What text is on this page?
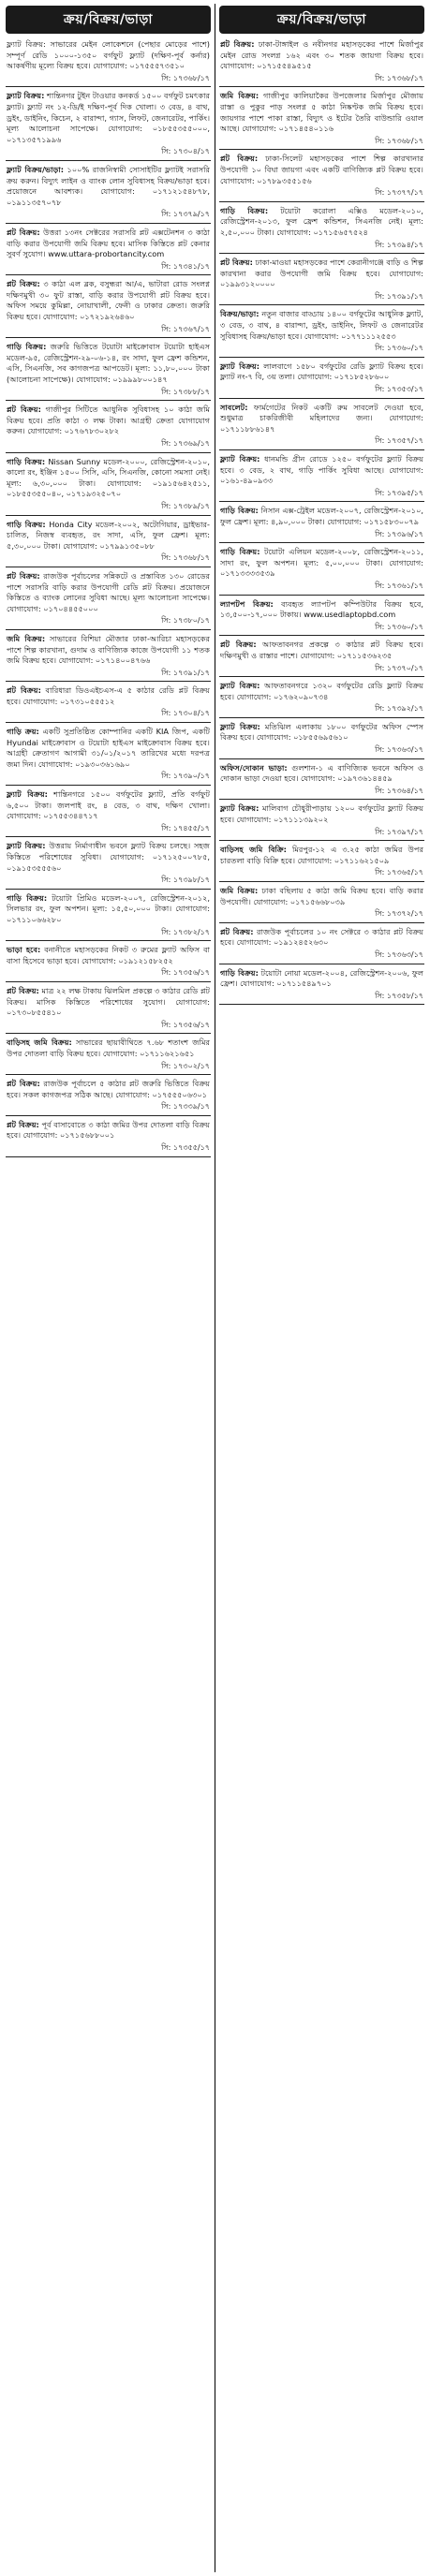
ক্রয়/বিক্রয়/ভাড়া
ফ্ল্যাট বিক্রয়: সাভারের মেইন লোকেশনে (পেছার মোড়ের পাশে) সম্পূর্ণ রেডি ১০০০-১৩৫০ বর্গফুট ফ্ল্যাট (দক্ষিণ-পূর্ব কর্নার) আকর্ষণীয় মূল্যে বিক্রয় হবে। যোগাযোগ: ০১৭৫৫৫৭৩৫১০
সি: ১৭৩৬৮/১৭
ফ্ল্যাট বিক্রয়: শান্তিনগর টুইন টাওয়ার কনকর্ড ১৫০০ বর্গফুট চমৎকার ফ্ল্যাট। ফ্ল্যাট নং ১২-ডি/ই দক্ষিণ-পূর্ব দিক খোলা। ৩ বেড, ৪ বাথ, ড্রইং, ডাইনিং, কিচেন, ২ বারান্দা, গ্যাস, লিফট, জেনারেটর, পার্কিং। মূল্য আলোচনা সাপেক্ষে। যোগাযোগ: ০১৮৫৫৩৫৫০০০, ০১৭১৩৫৭১৯৯৬
সি: ১৭৩০৪/১৭
ফ্ল্যাট বিক্রয়/ভাড়া: ১০০% রাজনিস্বামী সোসাইটির ফ্ল্যাটই সরাসরি ক্রয় করুন। বিদ্যুৎ লাইন ও ব্যাংক লোন সুবিধাসহ বিক্রয়/ভাড়া হবে। প্রয়োজনে আবশ্যক। যোগাযোগ: ০১৭১২১৫৪৮৭৮, ০১৯১১৩৫৭০৭৮
সি: ১৭৩৭৯/১৭
প্লট বিক্রয়: উত্তরা ১৩নং সেক্টরের সরাসরি প্লট এক্সটেনশন ৩ কাঠা বাড়ি করার উপযোগী জমি বিক্রয় হবে। মাসিক কিস্তিতে প্লট কেনার সুবর্ণ সুযোগ। www.uttara-probortancity.com
সি: ১৭৩৪১/১৭
প্লট বিক্রয়: ৩ কাঠা এল ব্লক, বসুন্ধরা আ/এ, ভাটারা রোড সংলগ্ন দক্ষিণমুখী ৩০ ফুট রাস্তা, বাড়ি করার উপযোগী প্লট বিক্রয় হবে। অফিস সময়ে কুমিল্লা, নোয়াখালী, ফেনী ও ঢাকার ক্রেতা। জরুরি বিক্রয় হবে। যোগাযোগ: ০১৭২১৯২৬৪৬০
সি: ১৭৩৬৭/১৭
গাড়ি বিক্রয়: জরুরি ভিত্তিতে টয়োটা মাইক্রোবাস টয়োটা হাইএস মডেল-৯৫, রেজিস্ট্রেশন-২৯-০৬-১৪, রং সাদা, ফুল ফ্রেশ কন্ডিশন, এসি, সিএনজি, সব কাগজপত্র আপডেট। মূল্য: ১১,৮০,০০০ টাকা (আলোচনা সাপেক্ষে)। যোগাযোগ: ০১৯৯৯৮০০১৪৭
সি: ১৭৩৮৮/১৭
প্লট বিক্রয়: গাজীপুর সিটিতে আধুনিক সুবিধাসহ ১০ কাঠা জমি বিক্রয় হবে। প্রতি কাঠা ৩ লক্ষ টাকা। আগ্রহী ক্রেতা যোগাযোগ করুন। যোগাযোগ: ০১৭৬৭৮৩০২৮২
সি: ১৭৩৬৯/১৭
গাড়ি বিক্রয়: Nissan Sunny মডেল-২০০০, রেজিস্ট্রেশন-২০১০, কালো রং, ইঞ্জিন ১৫০০ সিসি, এসি, সিএনজি, কোনো সমস্যা নেই। মূল্য: ৬,৩০,০০০ টাকা। যোগাযোগ: ০১৯১৫৬৪২৫১১, ০১৮৫৫৩৫৫০৪০, ০১৭১৯৩২৫০৭০
সি: ১৭৩৮৯/১৭
গাড়ি বিক্রয়: Honda City মডেল-২০০২, অটোগিয়ার, ড্রাইভার-চালিত, নিজস্ব ব্যবহৃত, রং সাদা, এসি, ফুল ফ্রেশ। মূল্য: ৫,৩০,০০০ টাকা। যোগাযোগ: ০১৭৯৯১৩৫০৮৮
সি: ১৭৩৬৮/১৭
প্লট বিক্রয়: রাজউক পূর্বাচলের সন্নিকটে ও প্রস্তাবিত ১৩০ রোডের পাশে সরাসরি বাড়ি করার উপযোগী রেডি প্লট বিক্রয়। প্রয়োজনে কিস্তিতে ও ব্যাংক লোনের সুবিধা আছে। মূল্য আলোচনা সাপেক্ষে। যোগাযোগ: ০১৭০৪৪৫৫০০০
সি: ১৭৩৮০/১৭
জমি বিক্রয়: সাভারের বিশিয়া মৌজার ঢাকা-আরিচা মহাসড়কের পাশে শিল্প কারখানা, গুদাম ও বাণিজ্যিক কাজে উপযোগী ১১ শতক জমি বিক্রয় হবে। যোগাযোগ: ০১৭১৪০০৪৭৬৬
সি: ১৭৩৯১/১৭
প্লট বিক্রয়: বারিধারা ডিওএইচএস-এ ৫ কাঠার রেডি প্লট বিক্রয় হবে। যোগাযোগ: ০১৭৩১০৫৫৫১২
সি: ১৭৩০৪/১৭
গাড়ি ক্রয়: একটি সুপ্রতিষ্ঠিত কোম্পানির একটি KIA জিপ, একটি Hyundai মাইক্রোবাস ও টয়োটা হাইএস মাইক্রোবাস বিক্রয় হবে। আগ্রহী ক্রেতাগণ আগামী ৩১/০১/২০১৭ তারিখের মধ্যে দরপত্র জমা দিন। যোগাযোগ: ০১৯৩০৩৬১৬৯০
সি: ১৭৩৯০/১৭
ফ্ল্যাট বিক্রয়: শান্তিনগরে ১৫০০ বর্গফুটের ফ্ল্যাট, প্রতি বর্গফুট ৬,৫০০ টাকা। জলপাই রং, ৪ বেড, ৩ বাথ, দক্ষিণ খোলা। যোগাযোগ: ০১৭৫৫৩৪৪৭১৭
সি: ১৭৪৫৫/১৭
ফ্ল্যাট বিক্রয়: উত্তরায় নির্মাণাধীন ভবনে ফ্ল্যাট বিক্রয় চলছে। সহজ কিস্তিতে পরিশোধের সুবিধা। যোগাযোগ: ০১৭১২৫০০৭৮৫, ০১৯১৫৩৫৫৫৬০
সি: ১৭৩৯৮/১৭
গাড়ি বিক্রয়: টয়োটা প্রিমিও মডেল-২০০৭, রেজিস্ট্রেশন-২০১২, সিলভার রং, ফুল অপশন। মূল্য: ১৫,৫০,০০০ টাকা। যোগাযোগ: ০১৭১১০৬৬২৮০
সি: ১৭৩৮২/১৭
ভাড়া হবে: বনানীতে মহাসড়কের নিকট ৩ রুমের ফ্ল্যাট অফিস বা বাসা হিসেবে ভাড়া হবে। যোগাযোগ: ০১৯১২১৫৮২৫২
সি: ১৭৩৫৬/১৭
প্লট বিক্রয়: মাত্র ২২ লক্ষ টাকায় ঝিলমিল প্রকল্পে ৩ কাঠার রেডি প্লট বিক্রয়। মাসিক কিস্তিতে পরিশোধের সুযোগ। যোগাযোগ: ০১৭৩০৮৫৫৪১০
সি: ১৭৩৫৬/১৭
বাড়িসহ জমি বিক্রয়: সাভারের ছায়াবীথিতে ৭.৬৮ শতাংশ জমির উপর দোতলা বাড়ি বিক্রয় হবে। যোগাযোগ: ০১৭১১৬২১৬৫১
সি: ১৭৩০২/১৭
প্লট বিক্রয়: রাজউক পূর্বাচলে ৫ কাঠার প্লট জরুরি ভিত্তিতে বিক্রয় হবে। সকল কাগজপত্র সঠিক আছে। যোগাযোগ: ০১৭৫৫৫০৬৩০১
সি: ১৭৩৩৯/১৭
প্লট বিক্রয়: পূর্ব বাসাবোতে ৩ কাঠা জমির উপর দোতলা বাড়ি বিক্রয় হবে। যোগাযোগ: ০১৭১৫৬৮৮০০১
সি: ১৭৩৫৫/১৭
ক্রয়/বিক্রয়/ভাড়া
প্লট বিক্রয়: ঢাকা-টাঙ্গাইল ও নবীনগর মহাসড়কের পাশে মির্জাপুর মেইন রোড সংলগ্ন ১৬২ এবং ৩০ শতক জায়গা বিক্রয় হবে। যোগাযোগ: ০১৭১৫৫৪৯৫১৫
সি: ১৭৩৬৮/১৭
জমি বিক্রয়: গাজীপুর কালিয়াকৈর উপজেলার মির্জাপুর মৌজায় রাস্তা ও পুকুর পাড় সংলগ্ন ৫ কাঠা নিষ্কণ্টক জমি বিক্রয় হবে। জায়গার পাশে পাকা রাস্তা, বিদ্যুৎ ও ইটের তৈরি বাউন্ডারি ওয়াল আছে। যোগাযোগ: ০১৭১৪৫৪০১১৬
সি: ১৭৩৬৮/১৭
প্লট বিক্রয়: ঢাকা-সিলেট মহাসড়কের পাশে শিল্প কারখানার উপযোগী ১০ বিঘা জায়গা এবং একটি বাণিজ্যিক প্লট বিক্রয় হবে। যোগাযোগ: ০১৭৮৯৩৫৫১৫৬
সি: ১৭৩৭৭/১৭
গাড়ি বিক্রয়: টয়োটা করোলা এক্সিও মডেল-২০১০, রেজিস্ট্রেশন-২০১৩, ফুল ফ্রেশ কন্ডিশন, সিএনজি নেই। মূল্য: ২,৫০,০০০ টাকা। যোগাযোগ: ০১৭১৫৬৫৭৫২৪
সি: ১৭৩৯৪/১৭
প্লট বিক্রয়: ঢাকা-মাওয়া মহাসড়কের পাশে কেরানীগঞ্জে বাড়ি ও শিল্প কারখানা করার উপযোগী জমি বিক্রয় হবে। যোগাযোগ: ০১৯৯৩১২০০০০
সি: ১৭৩৯১/১৭
বিক্রয়/ভাড়া: নতুন বাজার বাড্ডায় ১৪০০ বর্গফুটের আধুনিক ফ্ল্যাট, ৩ বেড, ৩ বাথ, ৪ বারান্দা, ড্রইং, ডাইনিং, লিফট ও জেনারেটর সুবিধাসহ বিক্রয়/ভাড়া হবে। যোগাযোগ: ০১৭৭১১১২৫৫৩
সি: ১৭৩৬০/১৭
ফ্ল্যাট বিক্রয়: লালবাগে ১৫৮০ বর্গফুটের রেডি ফ্ল্যাট বিক্রয় হবে। ফ্ল্যাট নং-৭ বি, ৩য় তলা। যোগাযোগ: ০১৭১৮৫২৮৬০০
সি: ১৭৩৫৩/১৭
সাবলেট: ফার্মগেটের নিকট একটি রুম সাবলেট দেওয়া হবে, শুধুমাত্র চাকরিজীবী মহিলাদের জন্য। যোগাযোগ: ০১৭১১৮৮৬১৪৭
সি: ১৭৩৫৭/১৭
ফ্ল্যাট বিক্রয়: ধানমন্ডি গ্রীন রোডে ১২৫০ বর্গফুটের ফ্ল্যাট বিক্রয় হবে। ৩ বেড, ২ বাথ, গাড়ি পার্কিং সুবিধা আছে। যোগাযোগ: ০১৬১-৪৯০৯৩৩
সি: ১৭৩৯৫/১৭
গাড়ি বিক্রয়: নিসান এক্স-ট্রেইল মডেল-২০০৭, রেজিস্ট্রেশন-২০১০, ফুল ফ্রেশ। মূল্য: ৪,৯০,০০০ টাকা। যোগাযোগ: ০১৭১৫৮৩০০৭৯
সি: ১৭৩৯৬/১৭
গাড়ি বিক্রয়: টয়োটা এলিয়ন মডেল-২০০৮, রেজিস্ট্রেশন-২০১১, সাদা রং, ফুল অপশন। মূল্য: ৫,০০,০০০ টাকা। যোগাযোগ: ০১৭১৩৩৩৩৫৩৯
সি: ১৭৩৬১/১৭
ল্যাপটপ বিক্রয়: ব্যবহৃত ল্যাপটপ কম্পিউটার বিক্রয় হবে, ১৩,৫০০-১৭,০০০ টাকায়। www.usedlaptopbd.com
সি: ১৭৩৬০/১৭
প্লট বিক্রয়: আফতাবনগর প্রকল্পে ৩ কাঠার প্লট বিক্রয় হবে। দক্ষিণমুখী ও রাস্তার পাশে। যোগাযোগ: ০১৭১১৫৩৬২৩৫
সি: ১৭৩৭০/১৭
ফ্ল্যাট বিক্রয়: আফতাবনগরে ১৩২০ বর্গফুটের রেডি ফ্ল্যাট বিক্রয় হবে। যোগাযোগ: ০১৭৬২০৯০৭৩৪
সি: ১৭৩৯২/১৭
ফ্ল্যাট বিক্রয়: মতিঝিল এলাকায় ১৮০০ বর্গফুটের অফিস স্পেস বিক্রয় হবে। যোগাযোগ: ০১৮৫৫৬৯৫৬১০
সি: ১৭৩৬৩/১৭
অফিস/দোকান ভাড়া: গুলশান-১ এ বাণিজ্যিক ভবনে অফিস ও দোকান ভাড়া দেওয়া হবে। যোগাযোগ: ০১৯৭৩৬১৪৪৫৯
সি: ১৭৩৬৪/১৭
ফ্ল্যাট বিক্রয়: মালিবাগ চৌধুরীপাড়ায় ১২০০ বর্গফুটের ফ্ল্যাট বিক্রয় হবে। যোগাযোগ: ০১৭১১১৩৯২০২
সি: ১৭৩৯৭/১৭
বাড়িসহ জমি বিক্রি: মিরপুর-১২ এ ৩.২৫ কাঠা জমির উপর চারতলা বাড়ি বিক্রি হবে। যোগাযোগ: ০১৭১১৬২১৫০৯
সি: ১৭৩৬৫/১৭
জমি বিক্রয়: ঢাকা বছিলায় ৫ কাঠা জমি বিক্রয় হবে। বাড়ি করার উপযোগী। যোগাযোগ: ০১৭১৫৬৬৮০৩৯
সি: ১৭৩৭২/১৭
প্লট বিক্রয়: রাজউক পূর্বাচলের ১০ নং সেক্টরে ৩ কাঠার প্লট বিক্রয় হবে। যোগাযোগ: ০১৯১২৪৫২৬৩০
সি: ১৭৩৬৩/১৭
গাড়ি বিক্রয়: টয়োটা নোয়া মডেল-২০০৪, রেজিস্ট্রেশন-২০০৬, ফুল ফ্রেশ। যোগাযোগ: ০১৭১১৫৪৯৭০১
সি: ১৭৩৫৮/১৭
